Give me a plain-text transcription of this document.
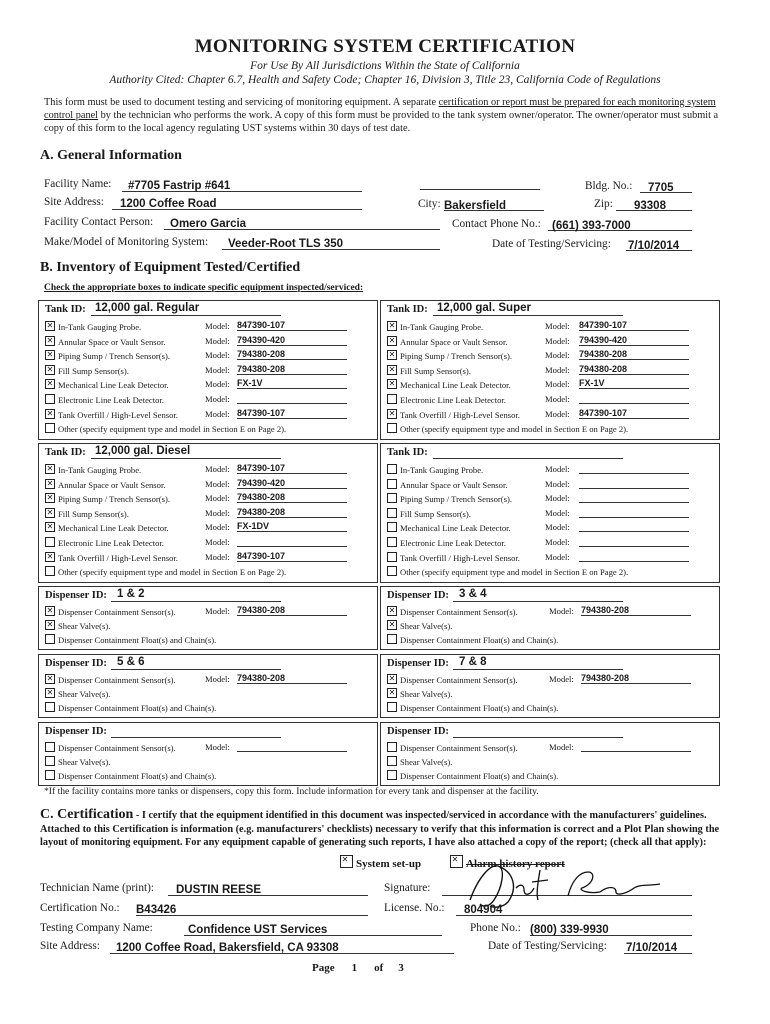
MONITORING SYSTEM CERTIFICATION
For Use By All Jurisdictions Within the State of California
Authority Cited: Chapter 6.7, Health and Safety Code; Chapter 16, Division 3, Title 23, California Code of Regulations
This form must be used to document testing and servicing of monitoring equipment. A separate certification or report must be prepared for each monitoring system control panel by the technician who performs the work. A copy of this form must be provided to the tank system owner/operator. The owner/operator must submit a copy of this form to the local agency regulating UST systems within 30 days of test date.
A. General Information
Facility Name:	#7705 Fastrip #641	Bldg. No.:	7705
Site Address:	1200 Coffee Road	City: Bakersfield	Zip:	93308
Facility Contact Person:	Omero Garcia	Contact Phone No.: (661) 393-7000
Make/Model of Monitoring System:	Veeder-Root TLS 350	Date of Testing/Servicing: 7/10/2014
B. Inventory of Equipment Tested/Certified
Check the appropriate boxes to indicate specific equipment inspected/serviced:
Tank ID: 12,000 gal. Regular
✕In-Tank Gauging Probe.	Model: 847390-107
✕Annular Space or Vault Sensor.	Model: 794390-420
✕Piping Sump / Trench Sensor(s).	Model: 794380-208
✕Fill Sump Sensor(s).	Model: 794380-208
✕Mechanical Line Leak Detector.	Model: FX-1V
Electronic Line Leak Detector.	Model:
✕Tank Overfill / High-Level Sensor.	Model: 847390-107
Other (specify equipment type and model in Section E on Page 2).
Tank ID: 12,000 gal. Super
✕In-Tank Gauging Probe.	Model: 847390-107
✕Annular Space or Vault Sensor.	Model: 794390-420
✕Piping Sump / Trench Sensor(s).	Model: 794380-208
✕Fill Sump Sensor(s).	Model: 794380-208
✕Mechanical Line Leak Detector.	Model: FX-1V
Electronic Line Leak Detector.	Model:
✕Tank Overfill / High-Level Sensor.	Model: 847390-107
Other (specify equipment type and model in Section E on Page 2).
Tank ID: 12,000 gal. Diesel
✕In-Tank Gauging Probe.	Model: 847390-107
✕Annular Space or Vault Sensor.	Model: 794390-420
✕Piping Sump / Trench Sensor(s).	Model: 794380-208
✕Fill Sump Sensor(s).	Model: 794380-208
✕Mechanical Line Leak Detector.	Model: FX-1DV
Electronic Line Leak Detector.	Model:
✕Tank Overfill / High-Level Sensor.	Model: 847390-107
Other (specify equipment type and model in Section E on Page 2).
Tank ID:
In-Tank Gauging Probe.	Model:
Annular Space or Vault Sensor.	Model:
Piping Sump / Trench Sensor(s).	Model:
Fill Sump Sensor(s).	Model:
Mechanical Line Leak Detector.	Model:
Electronic Line Leak Detector.	Model:
Tank Overfill / High-Level Sensor.	Model:
Other (specify equipment type and model in Section E on Page 2).
Dispenser ID: 1 & 2
✕Dispenser Containment Sensor(s).
✕Shear Valve(s).
Dispenser Containment Float(s) and Chain(s).
Model: 794380-208
Dispenser ID: 3 & 4
✕Dispenser Containment Sensor(s).
✕Shear Valve(s).
Dispenser Containment Float(s) and Chain(s).
Model: 794380-208
Dispenser ID: 5 & 6
✕Dispenser Containment Sensor(s).
✕Shear Valve(s).
Dispenser Containment Float(s) and Chain(s).
Model: 794380-208
Dispenser ID: 7 & 8
✕Dispenser Containment Sensor(s).
✕Shear Valve(s).
Dispenser Containment Float(s) and Chain(s).
Model: 794380-208
Dispenser ID:
Dispenser Containment Sensor(s).
Shear Valve(s).
Dispenser Containment Float(s) and Chain(s).
Model:
Dispenser ID:
Dispenser Containment Sensor(s).
Shear Valve(s).
Dispenser Containment Float(s) and Chain(s).
Model:
*If the facility contains more tanks or dispensers, copy this form. Include information for every tank and dispenser at the facility.
C. Certification - I certify that the equipment identified in this document was inspected/serviced in accordance with the manufacturers' guidelines. Attached to this Certification is information (e.g. manufacturers' checklists) necessary to verify that this information is correct and a Plot Plan showing the layout of monitoring equipment. For any equipment capable of generating such reports, I have also attached a copy of the report; (check all that apply):
✕System set-up
✕	Alarm history report
Technician Name (print):	DUSTIN REESE	Signature:
Certification No.: B43426	License. No.:	804904
Testing Company Name:	Confidence UST Services	Phone No.: (800) 339-9930
Site Address:	1200 Coffee Road, Bakersfield, CA 93308	Date of Testing/Servicing: 7/10/2014
Page 1 of 3
